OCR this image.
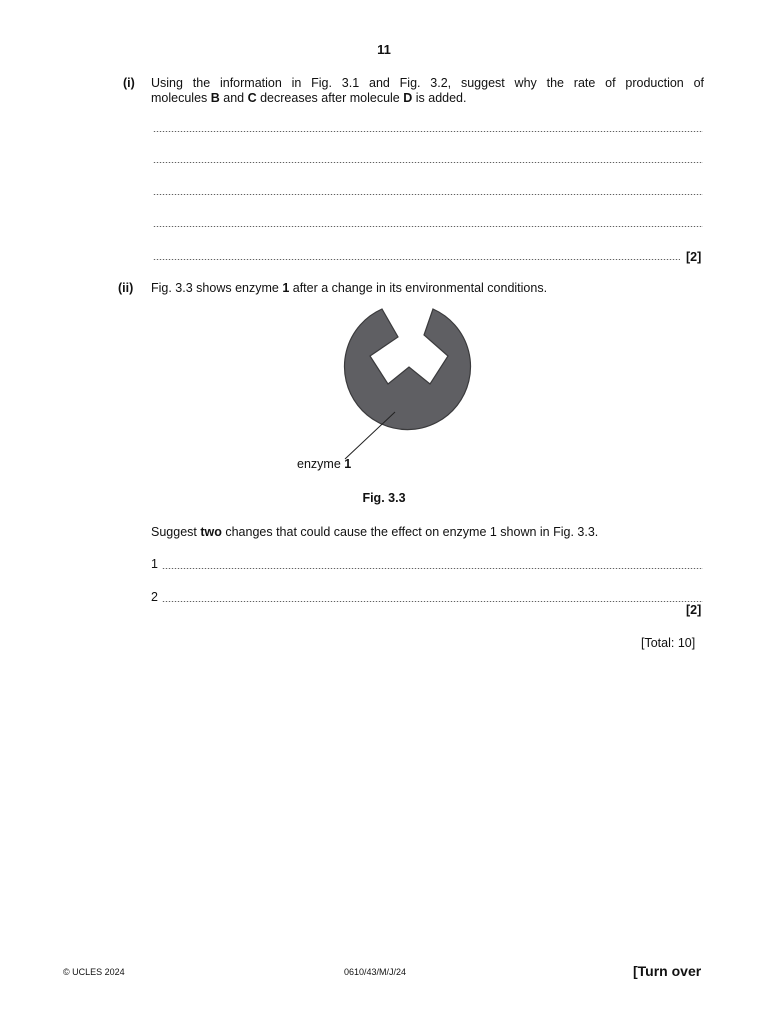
11
(i) Using the information in Fig. 3.1 and Fig. 3.2, suggest why the rate of production of
molecules B and C decreases after molecule D is added.
[2]
(ii) Fig. 3.3 shows enzyme 1 after a change in its environmental conditions.
enzyme 1
Fig. 3.3
Suggest two changes that could cause the effect on enzyme 1 shown in Fig. 3.3.
1
2
[2]
[Total: 10]
© UCLES 2024	0610/43/M/J/24	[Turn over
